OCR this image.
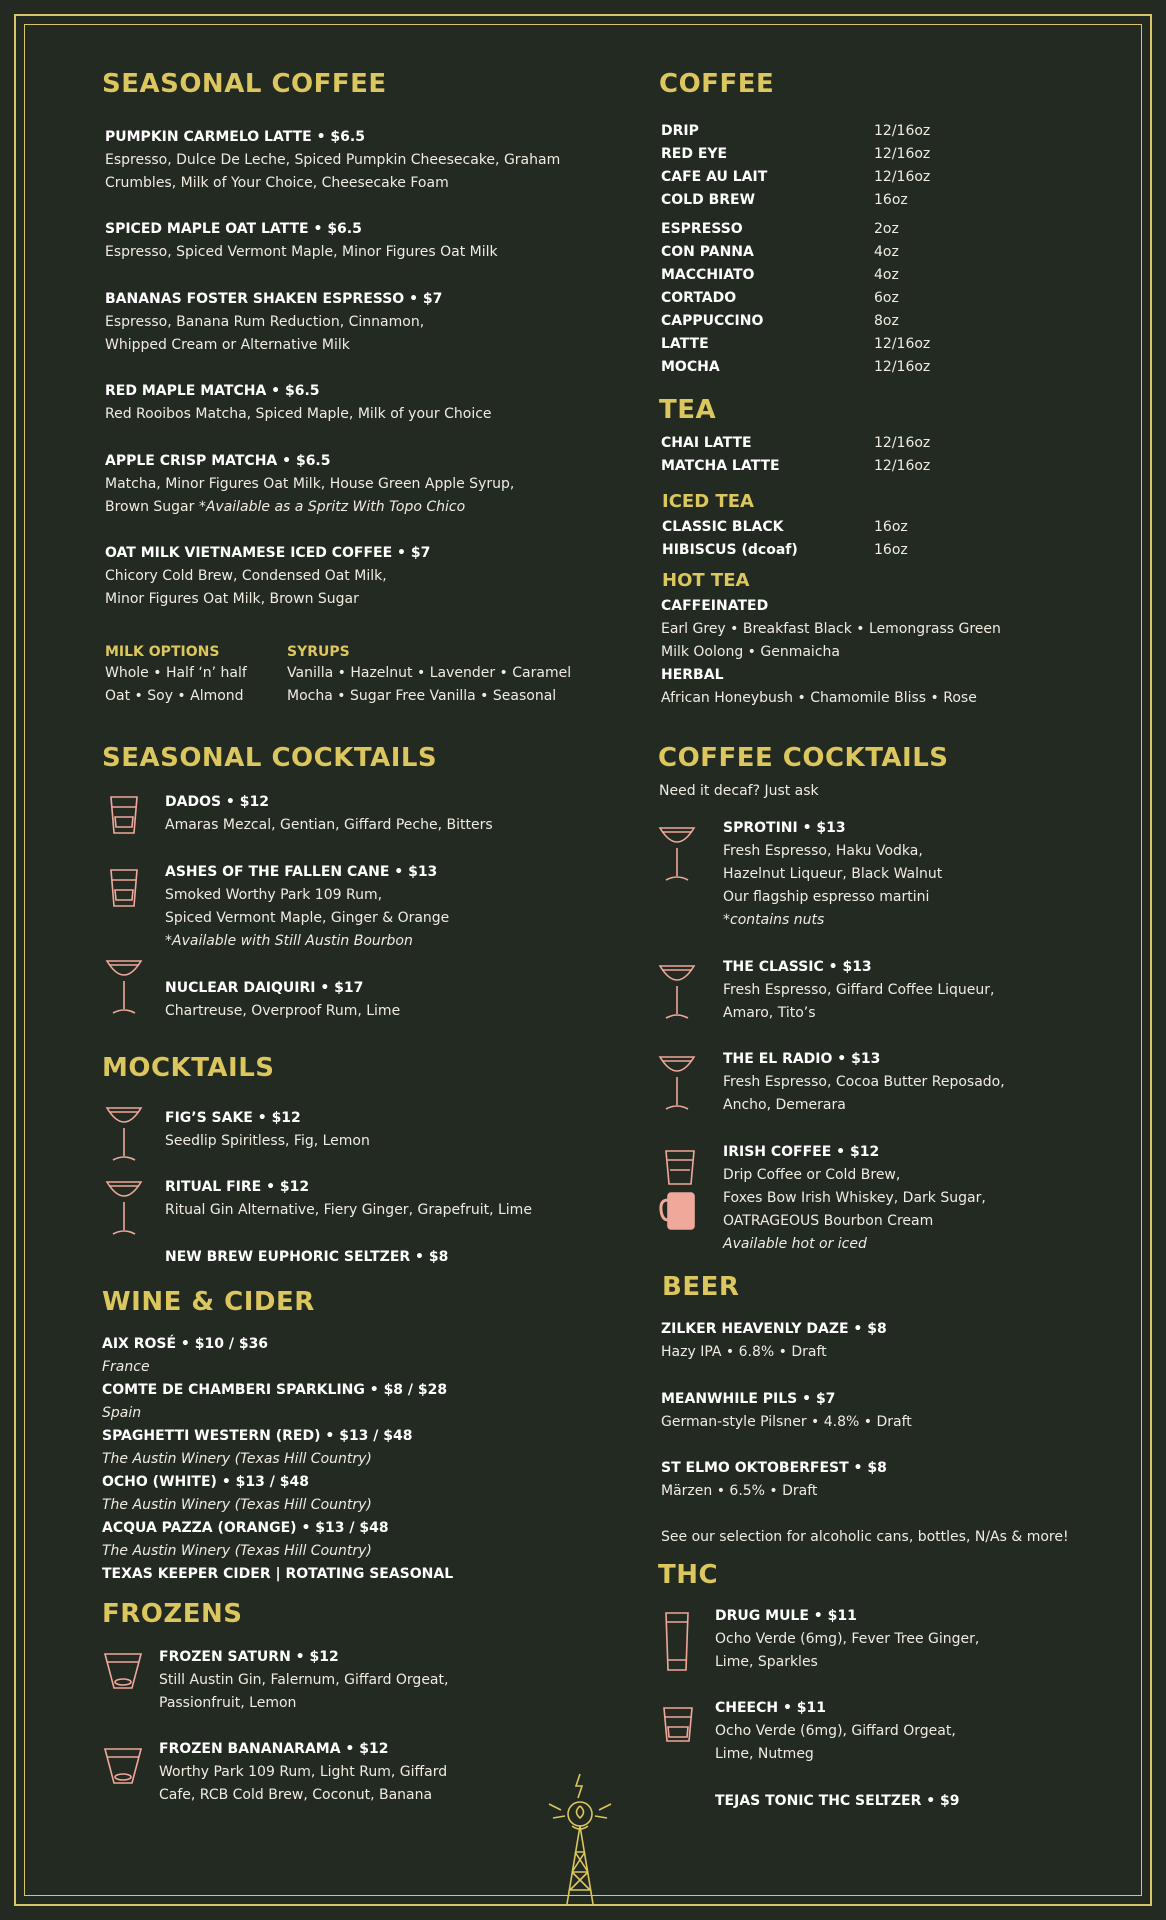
SEASONAL COFFEE
PUMPKIN CARMELO LATTE • $6.5
Espresso, Dulce De Leche, Spiced Pumpkin Cheesecake, Graham
Crumbles, Milk of Your Choice, Cheesecake Foam
SPICED MAPLE OAT LATTE • $6.5
Espresso, Spiced Vermont Maple, Minor Figures Oat Milk
BANANAS FOSTER SHAKEN ESPRESSO • $7
Espresso, Banana Rum Reduction, Cinnamon,
Whipped Cream or Alternative Milk
RED MAPLE MATCHA • $6.5
Red Rooibos Matcha, Spiced Maple, Milk of your Choice
APPLE CRISP MATCHA • $6.5
Matcha, Minor Figures Oat Milk, House Green Apple Syrup,
Brown Sugar *Available as a Spritz With Topo Chico
OAT MILK VIETNAMESE ICED COFFEE • $7
Chicory Cold Brew, Condensed Oat Milk,
Minor Figures Oat Milk, Brown Sugar
MILK OPTIONS
Whole • Half ‘n’ half
Oat • Soy • Almond
SYRUPS
Vanilla • Hazelnut • Lavender • Caramel
Mocha • Sugar Free Vanilla • Seasonal
SEASONAL COCKTAILS
DADOS • $12
Amaras Mezcal, Gentian, Giffard Peche, Bitters
ASHES OF THE FALLEN CANE • $13
Smoked Worthy Park 109 Rum,
Spiced Vermont Maple, Ginger & Orange
*Available with Still Austin Bourbon
NUCLEAR DAIQUIRI • $17
Chartreuse, Overproof Rum, Lime
MOCKTAILS
FIG’S SAKE • $12
Seedlip Spiritless, Fig, Lemon
RITUAL FIRE • $12
Ritual Gin Alternative, Fiery Ginger, Grapefruit, Lime
NEW BREW EUPHORIC SELTZER • $8
WINE & CIDER
AIX ROSÉ • $10 / $36
France
COMTE DE CHAMBERI SPARKLING • $8 / $28
Spain
SPAGHETTI WESTERN (RED) • $13 / $48
The Austin Winery (Texas Hill Country)
OCHO (WHITE) • $13 / $48
The Austin Winery (Texas Hill Country)
ACQUA PAZZA (ORANGE) • $13 / $48
The Austin Winery (Texas Hill Country)
TEXAS KEEPER CIDER | ROTATING SEASONAL
FROZENS
FROZEN SATURN • $12
Still Austin Gin, Falernum, Giffard Orgeat,
Passionfruit, Lemon
FROZEN BANANARAMA • $12
Worthy Park 109 Rum, Light Rum, Giffard
Cafe, RCB Cold Brew, Coconut, Banana
COFFEE
DRIP	12/16oz
RED EYE	12/16oz
CAFE AU LAIT	12/16oz
COLD BREW	16oz
ESPRESSO	2oz
CON PANNA	4oz
MACCHIATO	4oz
CORTADO	6oz
CAPPUCCINO	8oz
LATTE	12/16oz
MOCHA	12/16oz
TEA
CHAI LATTE	12/16oz
MATCHA LATTE	12/16oz
ICED TEA
CLASSIC BLACK	16oz
HIBISCUS (dcoaf)	16oz
HOT TEA
CAFFEINATED
Earl Grey • Breakfast Black • Lemongrass Green
Milk Oolong • Genmaicha
HERBAL
African Honeybush • Chamomile Bliss • Rose
COFFEE COCKTAILS
Need it decaf? Just ask
SPROTINI • $13
Fresh Espresso, Haku Vodka,
Hazelnut Liqueur, Black Walnut
Our flagship espresso martini
*contains nuts
THE CLASSIC • $13
Fresh Espresso, Giffard Coffee Liqueur,
Amaro, Tito’s
THE EL RADIO • $13
Fresh Espresso, Cocoa Butter Reposado,
Ancho, Demerara
IRISH COFFEE • $12
Drip Coffee or Cold Brew,
Foxes Bow Irish Whiskey, Dark Sugar,
OATRAGEOUS Bourbon Cream
Available hot or iced
BEER
ZILKER HEAVENLY DAZE • $8
Hazy IPA • 6.8% • Draft
MEANWHILE PILS • $7
German-style Pilsner • 4.8% • Draft
ST ELMO OKTOBERFEST • $8
Märzen • 6.5% • Draft
See our selection for alcoholic cans, bottles, N/As & more!
THC
DRUG MULE • $11
Ocho Verde (6mg), Fever Tree Ginger,
Lime, Sparkles
CHEECH • $11
Ocho Verde (6mg), Giffard Orgeat,
Lime, Nutmeg
TEJAS TONIC THC SELTZER • $9
